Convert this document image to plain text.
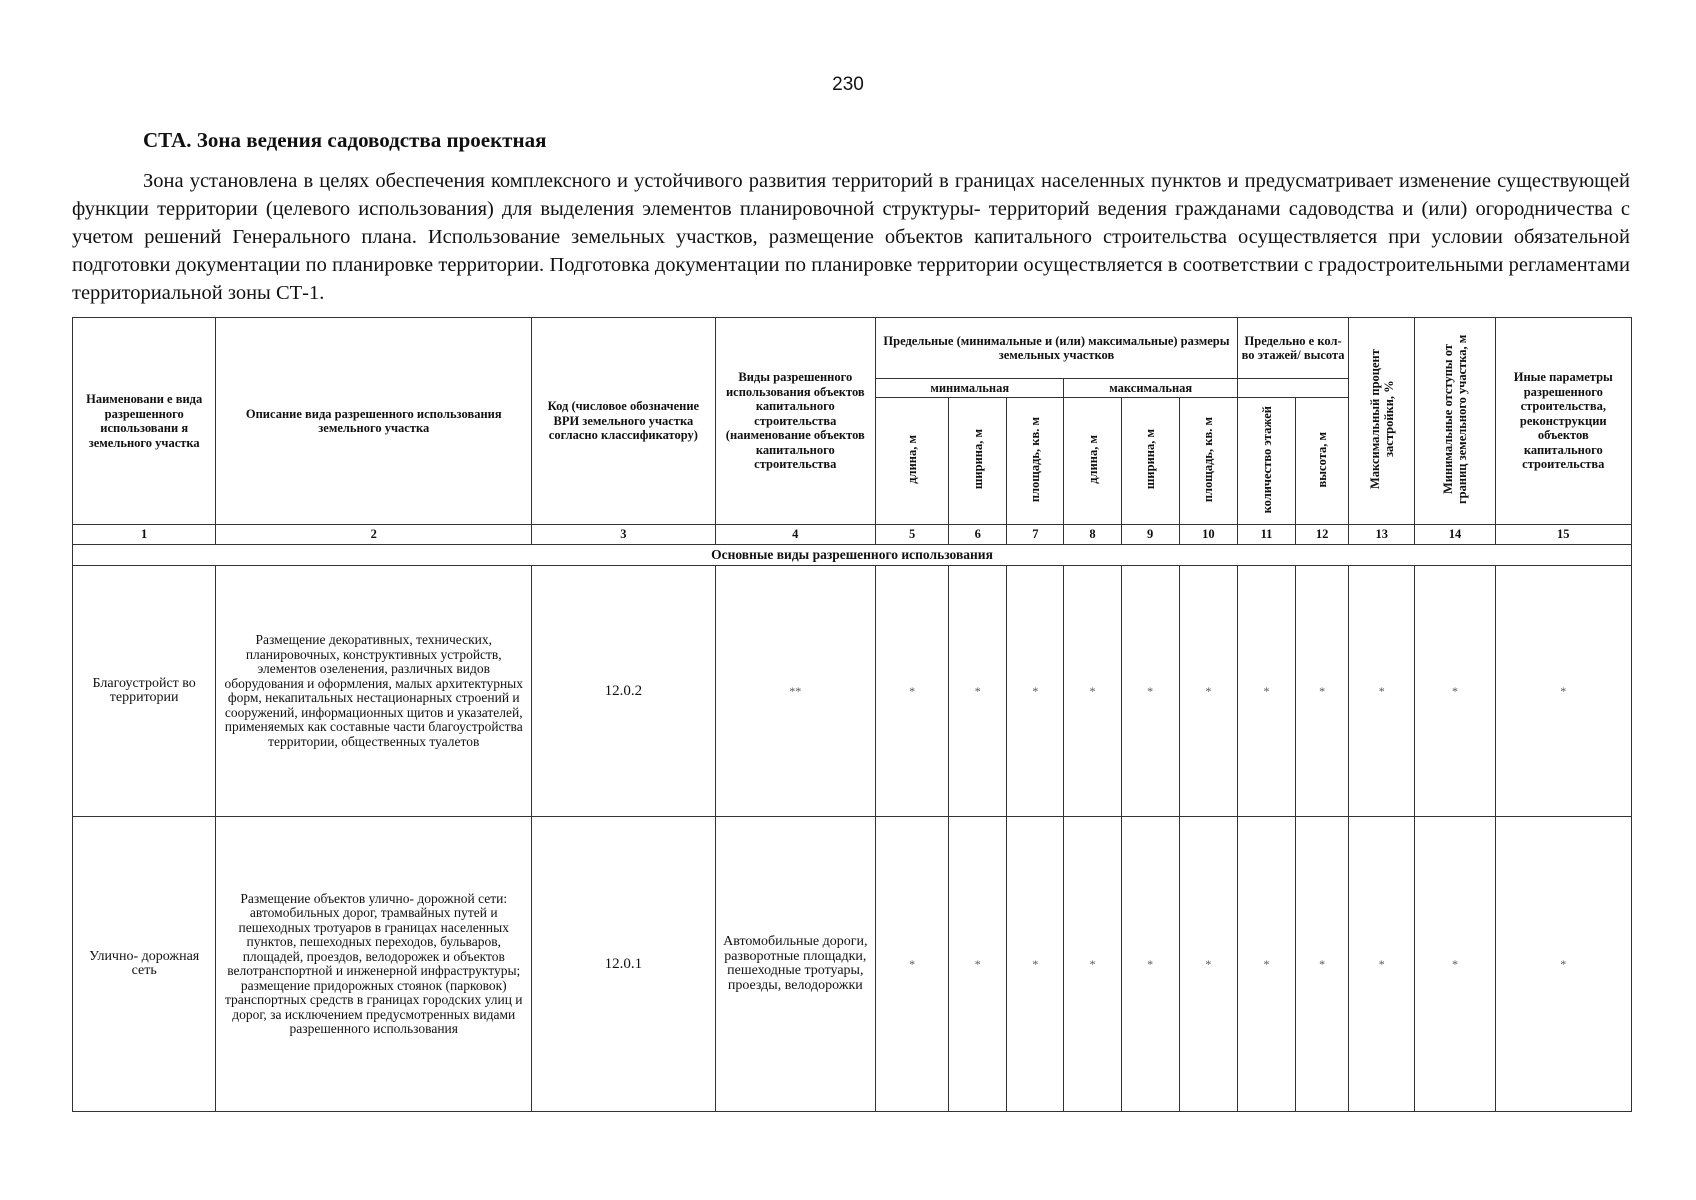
230
СТА. Зона ведения садоводства проектная

Зона установлена в целях обеспечения комплексного и устойчивого развития территорий в границах населенных пунктов и предусматривает изменение существующей функции территории (целевого использования) для выделения элементов планировочной структуры- территорий ведения гражданами садоводства и (или) огородничества с учетом решений Генерального плана. Использование земельных участков, размещение объектов капитального строительства осуществляется при условии обязательной подготовки документации по планировке территории. Подготовка документации по планировке территории осуществляется в соответствии с градостроительными регламентами территориальной зоны СТ-1.

Наименовани е вида разрешенного использовани я земельного участка	Описание вида разрешенного использования земельного участка	Код (числовое обозначение ВРИ земельного участка согласно классификатору)	Виды разрешенного использования объектов капитального строительства (наименование объектов капитального строительства	Предельные (минимальные и (или) максимальные) размеры земельных участков						Предельно е кол-во этажей/ высота		Максимальный процент застройки, %	Минимальные отступы от границ земельного участка, м	Иные параметры разрешенного строительства, реконструкции объектов капитального строительства
				минимальная			максимальная							
				длина, м	ширина, м	площадь, кв. м	длина, м	ширина, м	площадь, кв. м	количество этажей	высота, м			
1	2	3	4	5	6	7	8	9	10	11	12	13	14	15
Основные виды разрешенного использования														
Благоустройст во территории	Размещение декоративных, технических, планировочных, конструктивных устройств, элементов озеленения, различных видов оборудования и оформления, малых архитектурных форм, некапитальных нестационарных строений и сооружений, информационных щитов и указателей, применяемых как составные части благоустройства территории, общественных туалетов	12.0.2	**	*	*	*	*	*	*	*	*	*	*	*
Улично- дорожная сеть	Размещение объектов улично- дорожной сети: автомобильных дорог, трамвайных путей и пешеходных тротуаров в границах населенных пунктов, пешеходных переходов, бульваров, площадей, проездов, велодорожек и объектов велотранспортной и инженерной инфраструктуры; размещение придорожных стоянок (парковок) транспортных средств в границах городских улиц и дорог, за исключением предусмотренных видами разрешенного использования	12.0.1	Автомобильные дороги, разворотные площадки, пешеходные тротуары, проезды, велодорожки	*	*	*	*	*	*	*	*	*	*	*
